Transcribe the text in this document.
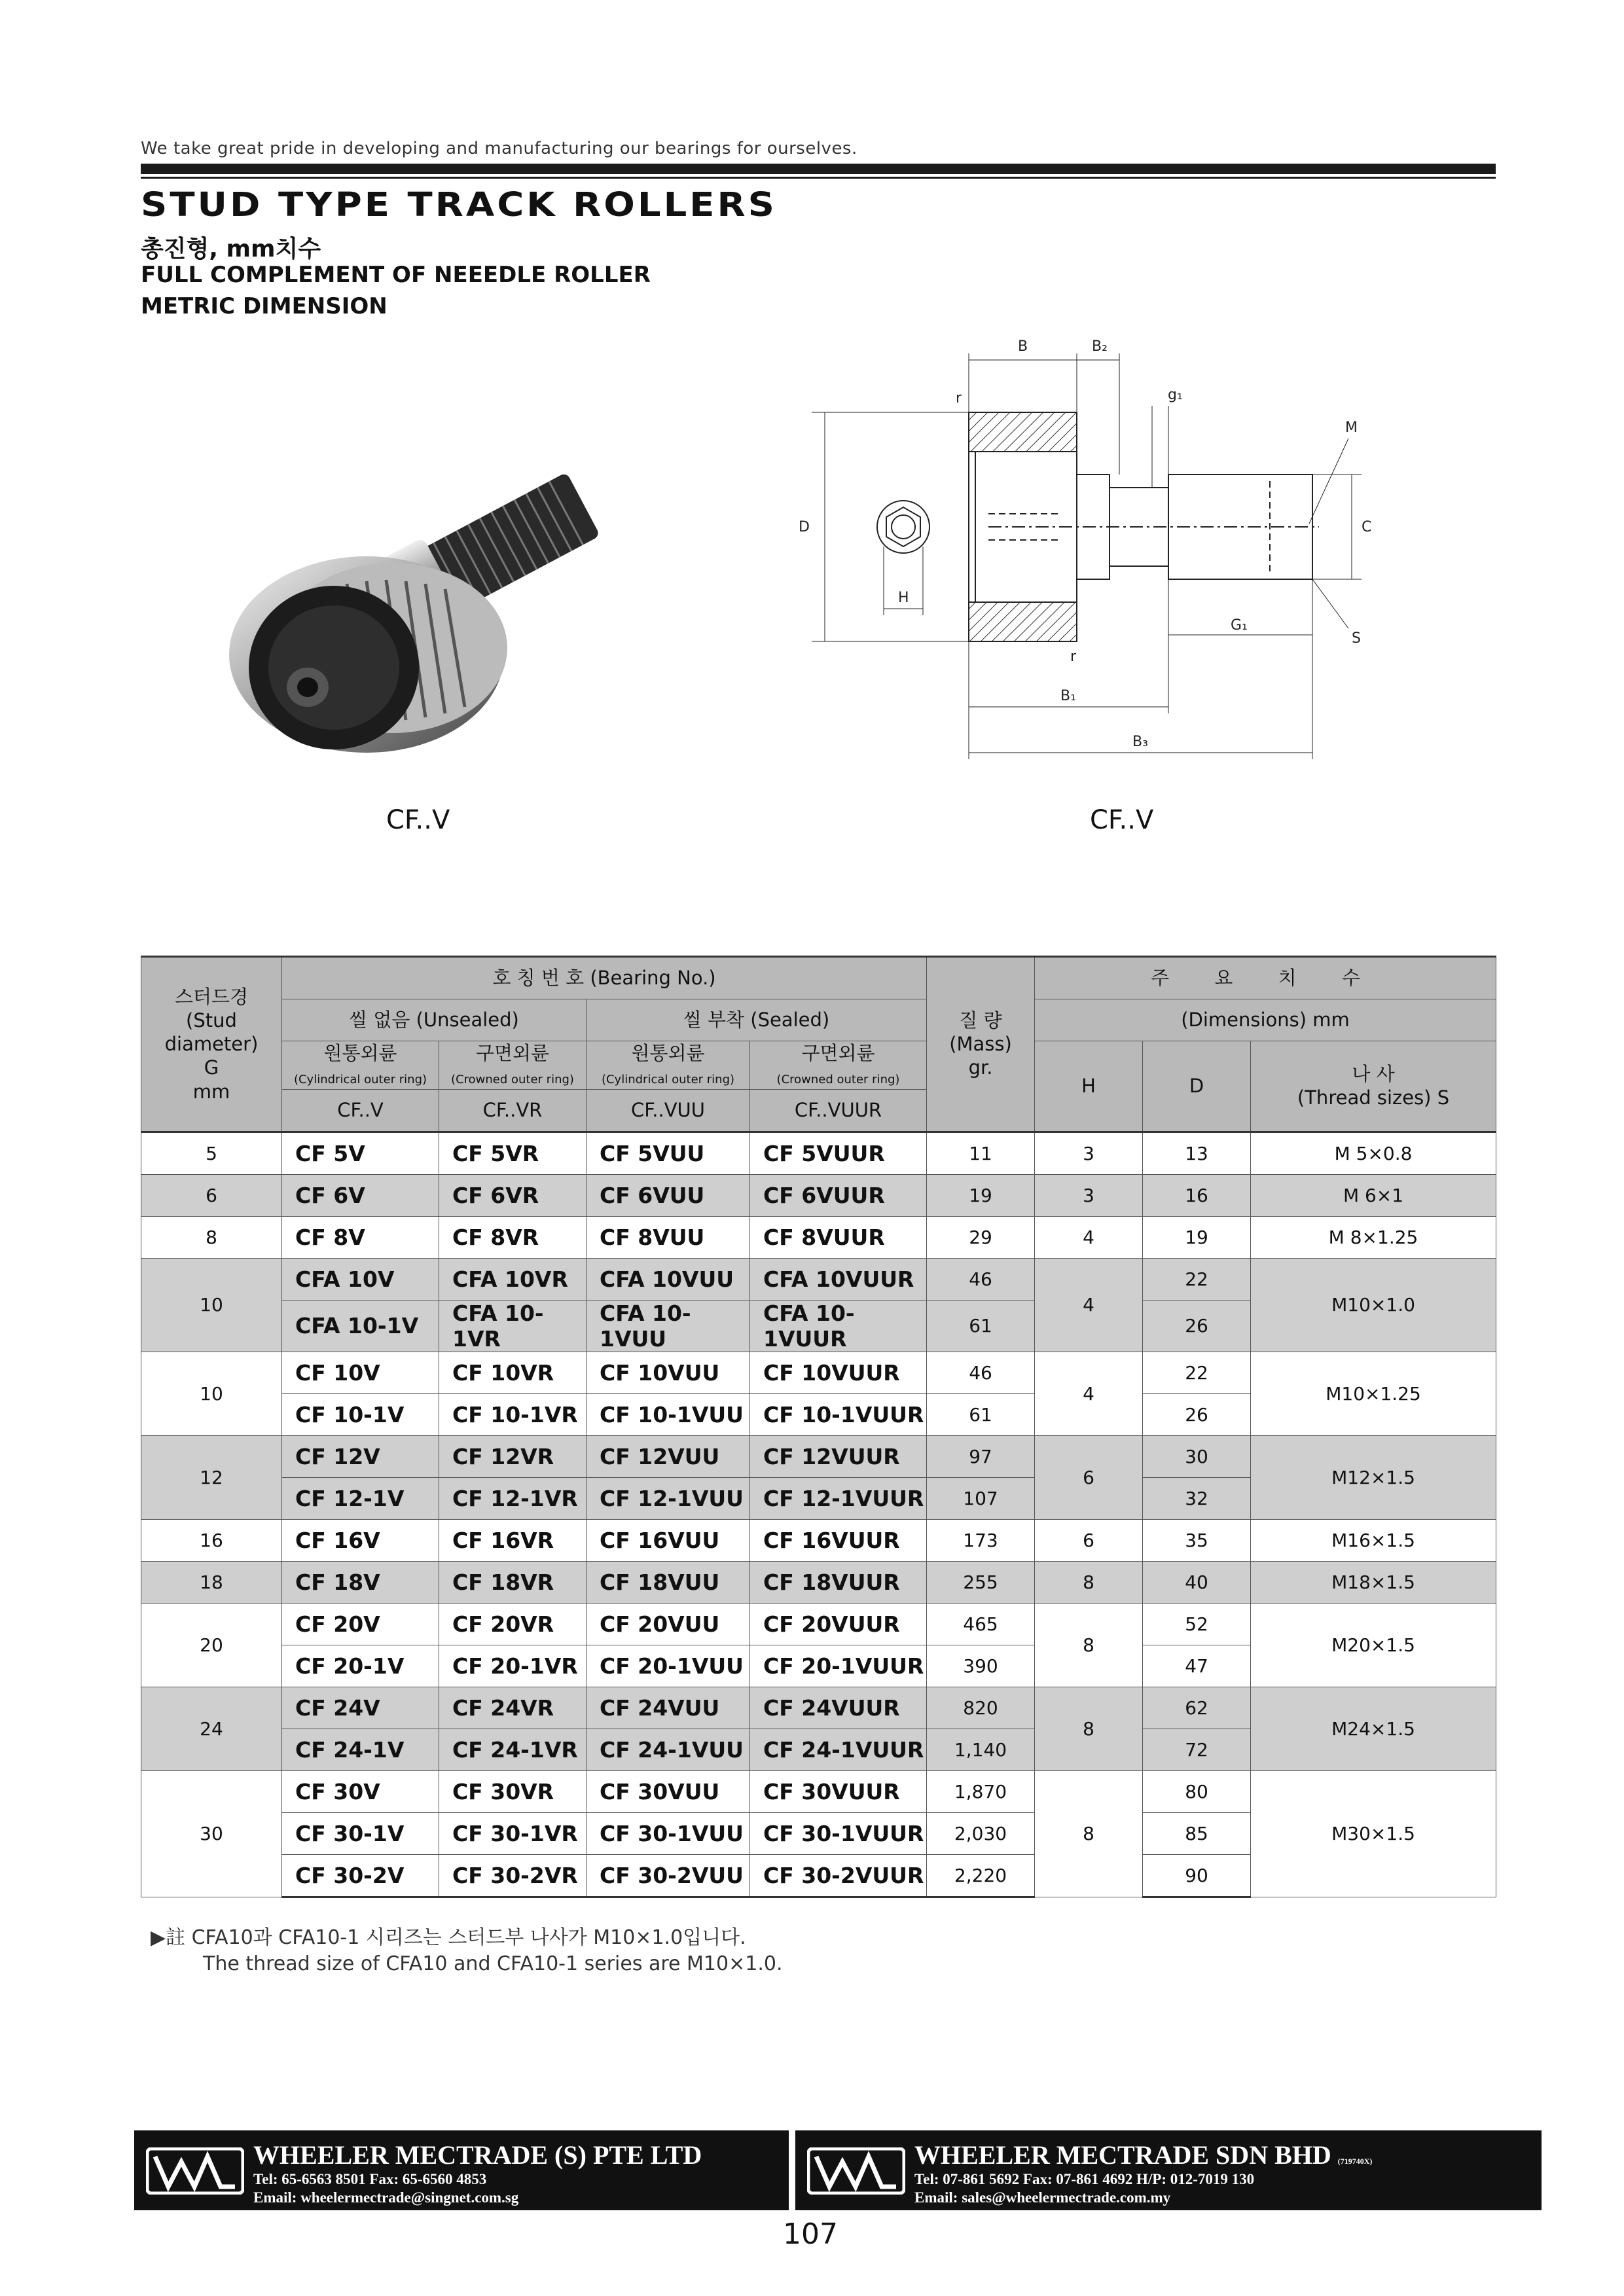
We take great pride in developing and manufacturing our bearings for ourselves.
STUD TYPE TRACK ROLLERS
총진형, mm치수
FULL COMPLEMENT OF NEEEDLE ROLLER
METRIC DIMENSION
B	B₂
g₁
M
r
r
D	C
H
G₁
S
B₁
B₃
CF..V	CF..V
스터드경
(Stud
diameter)
G
mm	호 칭 번 호 (Bearing No.)				질 량
(Mass)
gr.	주 요 치 수		
	씰 없음 (Unsealed)		씰 부착 (Sealed)			(Dimensions) mm		
	원통외륜
(Cylindrical outer ring)	구면외륜
(Crowned outer ring)	원통외륜
(Cylindrical outer ring)	구면외륜
(Crowned outer ring)		H	D	나 사
(Thread sizes) S
	CF..V	CF..VR	CF..VUU	CF..VUUR				
5	CF 5V	CF 5VR	CF 5VUU	CF 5VUUR	11	3	13	M 5×0.8
6	CF 6V	CF 6VR	CF 6VUU	CF 6VUUR	19	3	16	M 6×1
8	CF 8V	CF 8VR	CF 8VUU	CF 8VUUR	29	4	19	M 8×1.25
10	CFA 10V	CFA 10VR	CFA 10VUU	CFA 10VUUR	46	4	22	M10×1.0
	CFA 10-1V	CFA 10-1VR	CFA 10-1VUU	CFA 10-1VUUR	61		26	
10	CF 10V	CF 10VR	CF 10VUU	CF 10VUUR	46	4	22	M10×1.25
	CF 10-1V	CF 10-1VR	CF 10-1VUU	CF 10-1VUUR	61		26	
12	CF 12V	CF 12VR	CF 12VUU	CF 12VUUR	97	6	30	M12×1.5
	CF 12-1V	CF 12-1VR	CF 12-1VUU	CF 12-1VUUR	107		32	
16	CF 16V	CF 16VR	CF 16VUU	CF 16VUUR	173	6	35	M16×1.5
18	CF 18V	CF 18VR	CF 18VUU	CF 18VUUR	255	8	40	M18×1.5
20	CF 20V	CF 20VR	CF 20VUU	CF 20VUUR	465	8	52	M20×1.5
	CF 20-1V	CF 20-1VR	CF 20-1VUU	CF 20-1VUUR	390		47	
24	CF 24V	CF 24VR	CF 24VUU	CF 24VUUR	820	8	62	M24×1.5
	CF 24-1V	CF 24-1VR	CF 24-1VUU	CF 24-1VUUR	1,140		72	
30	CF 30V	CF 30VR	CF 30VUU	CF 30VUUR	1,870	8	80	M30×1.5
	CF 30-1V	CF 30-1VR	CF 30-1VUU	CF 30-1VUUR	2,030		85	
	CF 30-2V	CF 30-2VR	CF 30-2VUU	CF 30-2VUUR	2,220		90	
▶註 CFA10과 CFA10-1 시리즈는 스터드부 나사가 M10×1.0입니다.
The thread size of CFA10 and CFA10-1 series are M10×1.0.
WHEELER MECTRADE (S) PTE LTD
Tel: 65-6563 8501 Fax: 65-6560 4853
Email: wheelermectrade@singnet.com.sg
WHEELER MECTRADE SDN BHD (719740X)
Tel: 07-861 5692 Fax: 07-861 4692 H/P: 012-7019 130
Email: sales@wheelermectrade.com.my
107
